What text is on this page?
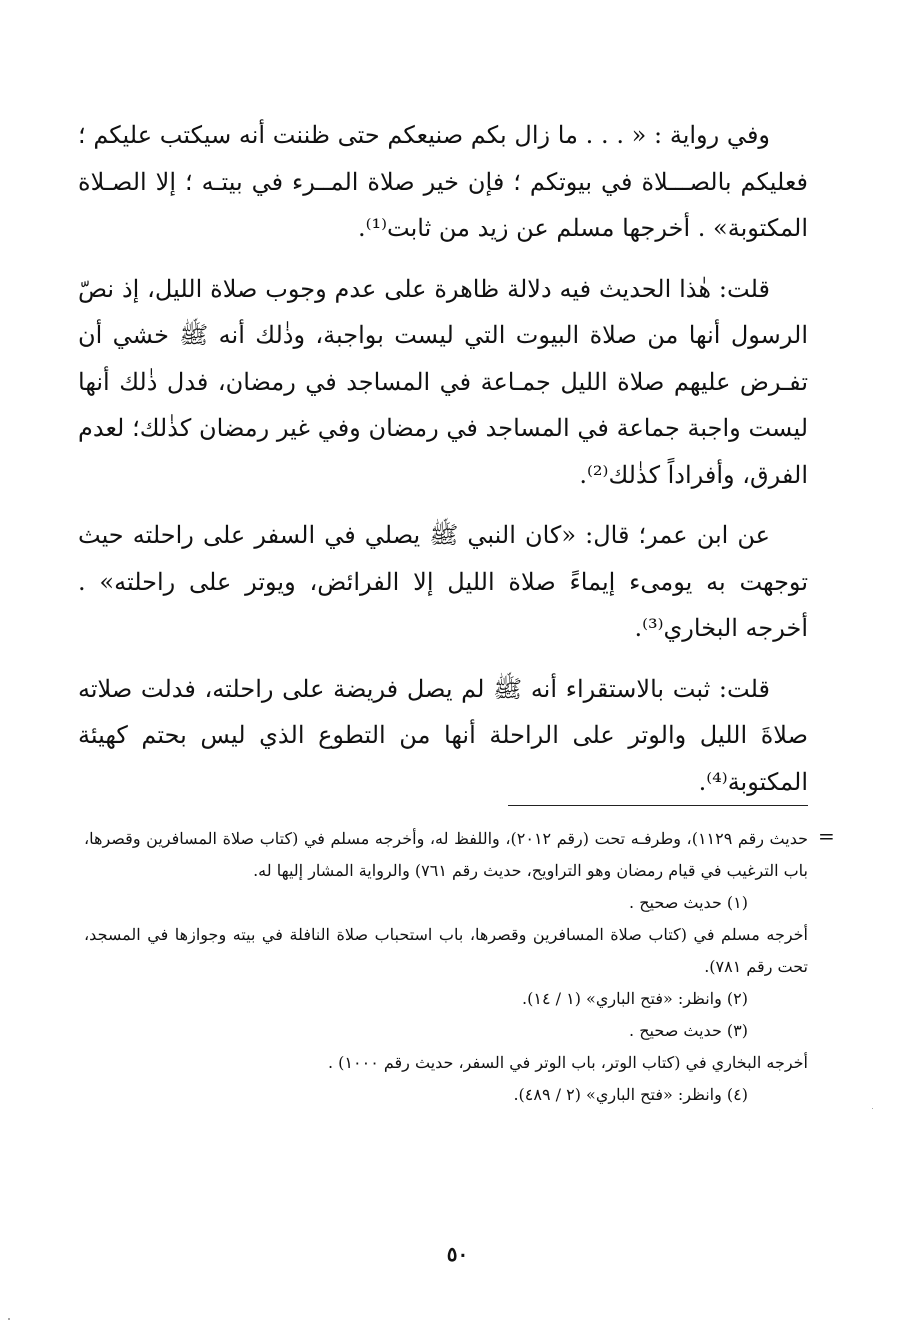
وفي رواية : « . . . ما زال بكم صنيعكم حتى ظننت أنه سيكتب عليكم ؛ فعليكم بالصـــلاة في بيوتكم ؛ فإن خير صلاة المــرء في بيتـه ؛ إلا الصـلاة المكتوبة» . أخرجها مسلم عن زيد من ثابت⁽¹⁾.

قلت: هٰذا الحديث فيه دلالة ظاهرة على عدم وجوب صلاة الليل، إذ نصّ الرسول أنها من صلاة البيوت التي ليست بواجبة، وذٰلك أنه ﷺ خشي أن تفـرض عليهم صلاة الليل جمـاعة في المساجد في رمضان، فدل ذٰلك أنها ليست واجبة جماعة في المساجد في رمضان وفي غير رمضان كذٰلك؛ لعدم الفرق، وأفراداً كذٰلك⁽²⁾.

عن ابن عمر؛ قال: «كان النبي ﷺ يصلي في السفر على راحلته حيث توجهت به يومىء إيماءً صلاة الليل إلا الفرائض، ويوتر على راحلته» . أخرجه البخاري⁽³⁾.

قلت: ثبت بالاستقراء أنه ﷺ لم يصل فريضة على راحلته، فدلت صلاته صلاةَ الليل والوتر على الراحلة أنها من التطوع الذي ليس بحتم كهيئة المكتوبة⁽⁴⁾.

=

حديث رقم ١١٢٩)، وطرفـه تحت (رقم ٢٠١٢)، واللفظ له، وأخرجه مسلم في (كتاب صلاة المسافرين وقصرها، باب الترغيب في قيام رمضان وهو التراويح، حديث رقم ٧٦١) والرواية المشار إليها له.

(١) حديث صحيح .

أخرجه مسلم في (كتاب صلاة المسافرين وقصرها، باب استحباب صلاة النافلة في بيته وجوازها في المسجد، تحت رقم ٧٨١).

(٢) وانظر: «فتح الباري» (١ / ١٤).

(٣) حديث صحيح .

أخرجه البخاري في (كتاب الوتر، باب الوتر في السفر، حديث رقم ١٠٠٠) .

(٤) وانظر: «فتح الباري» (٢ / ٤٨٩).

٥٠
